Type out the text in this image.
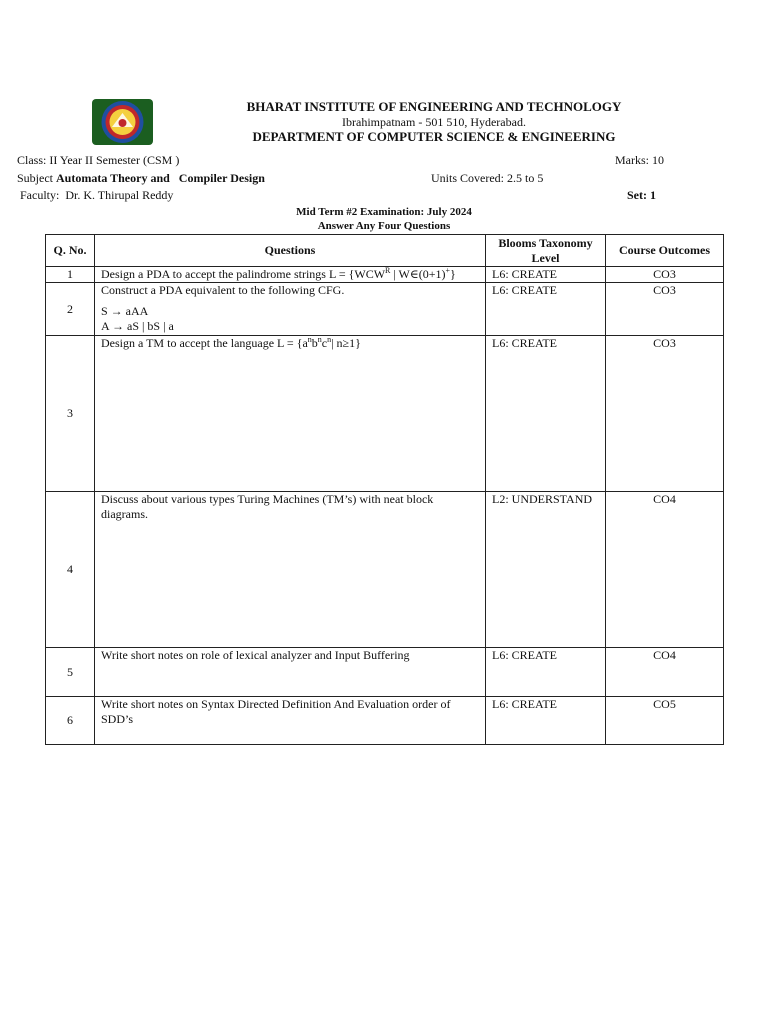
BHARAT INSTITUTE OF ENGINEERING AND TECHNOLOGY
Ibrahimpatnam - 501 510, Hyderabad.
DEPARTMENT OF COMPUTER SCIENCE & ENGINEERING
Class: II Year II Semester (CSM )	Marks: 10
Subject Automata Theory and   Compiler Design	Units Covered: 2.5 to 5
Faculty:  Dr. K. Thirupal Reddy	Set: 1
Mid Term #2 Examination: July 2024
Answer Any Four Questions
Q. No.	Questions	Blooms Taxonomy Level	Course Outcomes
1	Design a PDA to accept the palindrome strings $L = \{WCW^R$ | W∈(0+1)+}	L6: CREATE	CO3
2	Construct a PDA equivalent to the following CFG.
S → aAA
A → aS | bS | a	L6: CREATE	CO3
3	Design a TM to accept the language $L = \{a^nb^nc^n|$ n≥1}	L6: CREATE	CO3
4	Discuss about various types Turing Machines (TM’s) with neat block diagrams.	L2: UNDERSTAND	CO4
5	Write short notes on role of lexical analyzer and Input Buffering	L6: CREATE	CO4
6	Write short notes on Syntax Directed Definition And Evaluation order of SDD’s	L6: CREATE	CO5
